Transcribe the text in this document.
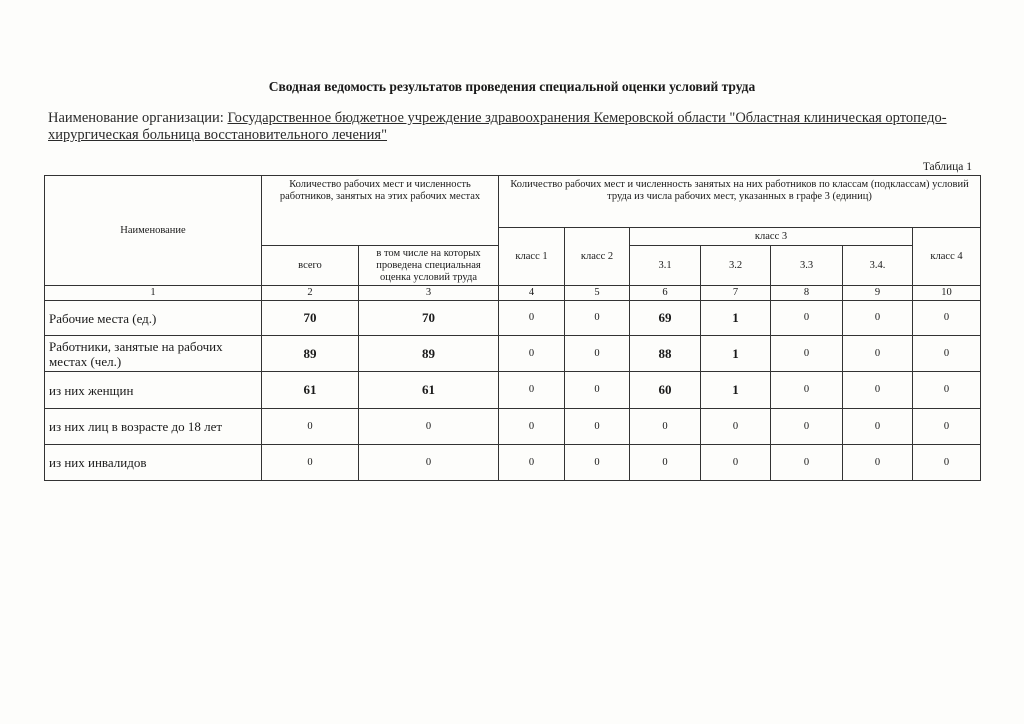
Сводная ведомость результатов проведения специальной оценки условий труда
Наименование организации: Государственное бюджетное учреждение здравоохранения Кемеровской области "Областная клиническая ортопедо-хирургическая больница восстановительного лечения"
Таблица 1
Наименование	Количество рабочих мест и численность работников, занятых на этих рабочих местах		Количество рабочих мест и численность занятых на них работников по классам (подклассам) условий труда из числа рабочих мест, указанных в графе 3 (единиц)						
			класс 1	класс 2	класс 3				класс 4
	всего	в том числе на которых проведена специальная оценка условий труда			3.1	3.2	3.3	3.4.	
1	2	3	4	5	6	7	8	9	10
Рабочие места (ед.)	70	70	0	0	69	1	0	0	0
Работники, занятые на рабочих местах (чел.)	89	89	0	0	88	1	0	0	0
из них женщин	61	61	0	0	60	1	0	0	0
из них лиц в возрасте до 18 лет	0	0	0	0	0	0	0	0	0
из них инвалидов	0	0	0	0	0	0	0	0	0
